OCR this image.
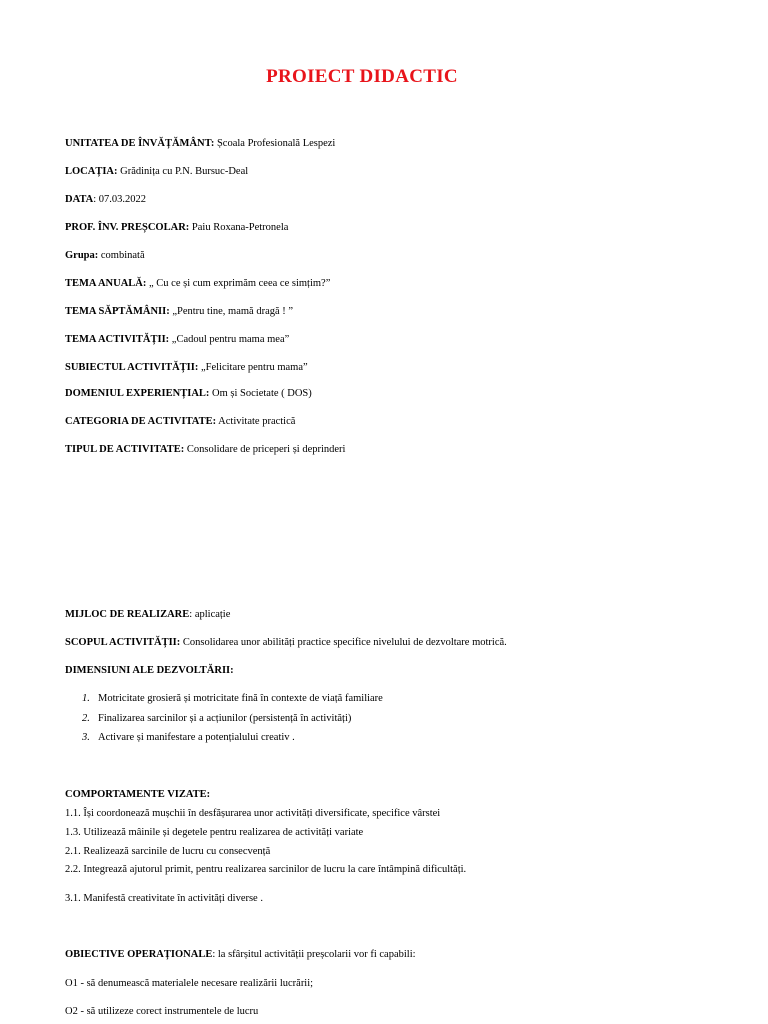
PROIECT DIDACTIC
UNITATEA DE ÎNVĂȚĂMÂNT: Școala Profesională Lespezi
LOCAȚIA: Grădinița cu P.N. Bursuc-Deal
DATA: 07.03.2022
PROF. ÎNV. PREȘCOLAR: Paiu Roxana-Petronela
Grupa: combinată
TEMA ANUALĂ: „ Cu ce și cum exprimăm ceea ce simțim?”
TEMA SĂPTĂMÂNII: „Pentru tine, mamă dragă ! ”
TEMA ACTIVITĂȚII: „Cadoul pentru mama mea”
SUBIECTUL ACTIVITĂȚII: „Felicitare pentru mama”
DOMENIUL EXPERIENȚIAL: Om și Societate ( DOS)
CATEGORIA DE ACTIVITATE: Activitate practică
TIPUL DE ACTIVITATE: Consolidare de priceperi și deprinderi
MIJLOC DE REALIZARE: aplicație
SCOPUL ACTIVITĂȚII: Consolidarea unor abilități practice specifice nivelului de dezvoltare motrică.
DIMENSIUNI ALE DEZVOLTĂRII:
1. Motricitate grosieră și motricitate fină în contexte de viață familiare
2. Finalizarea sarcinilor și a acțiunilor (persistență în activități)
3. Activare și manifestare a potențialului creativ .
COMPORTAMENTE VIZATE:
1.1. Își coordonează mușchii în desfășurarea unor activități diversificate, specifice vârstei
1.3. Utilizează mâinile și degetele pentru realizarea de activități variate
2.1. Realizează sarcinile de lucru cu consecvență
2.2. Integrează ajutorul primit, pentru realizarea sarcinilor de lucru la care întâmpină dificultăți.
3.1. Manifestă creativitate în activități diverse .
OBIECTIVE OPERAȚIONALE: la sfârșitul activității preșcolarii vor fi capabili:
O1 - să denumească materialele necesare realizării lucrării;
O2 - să utilizeze corect instrumentele de lucru
